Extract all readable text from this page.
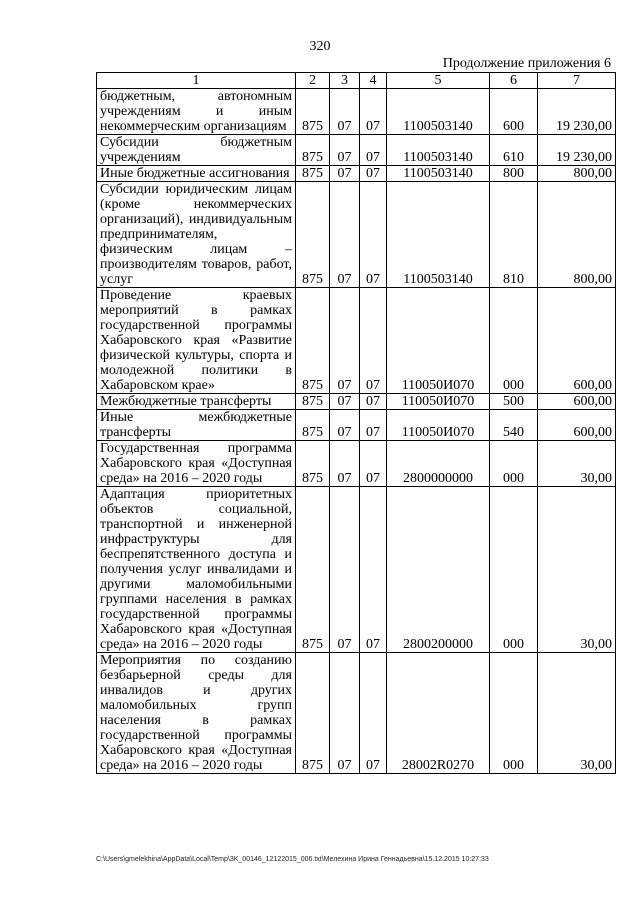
320
Продолжение приложения 6
1	2	3	4	5	6	7
бюджетным, автономным учреждениям и иным некоммерческим организациям	875	07	07	1100503140	600	19 230,00
Субсидии бюджетным учреждениям	875	07	07	1100503140	610	19 230,00
Иные бюджетные ассигнования	875	07	07	1100503140	800	800,00
Субсидии юридическим лицам (кроме некоммерческих организаций), индивидуальным предпринимателям, физическим лицам – производителям товаров, работ, услуг	875	07	07	1100503140	810	800,00
Проведение краевых мероприятий в рамках государственной программы Хабаровского края «Развитие физической культуры, спорта и молодежной политики в Хабаровском крае»	875	07	07	110050И070	000	600,00
Межбюджетные трансферты	875	07	07	110050И070	500	600,00
Иные межбюджетные трансферты	875	07	07	110050И070	540	600,00
Государственная программа Хабаровского края «Доступная среда» на 2016 – 2020 годы	875	07	07	2800000000	000	30,00
Адаптация приоритетных объектов социальной, транспортной и инженерной инфраструктуры для беспрепятственного доступа и получения услуг инвалидами и другими маломобильными группами населения в рамках государственной программы Хабаровского края «Доступная среда» на 2016 – 2020 годы	875	07	07	2800200000	000	30,00
Мероприятия по созданию безбарьерной среды для инвалидов и других маломобильных групп населения в рамках государственной программы Хабаровского края «Доступная среда» на 2016 – 2020 годы	875	07	07	28002R0270	000	30,00
C:\Users\gmelekhina\AppData\Local\Temp\3K_00146_12122015_006.txt\Мелехина Ирина Геннадьевна\15.12.2015 10:27:33
